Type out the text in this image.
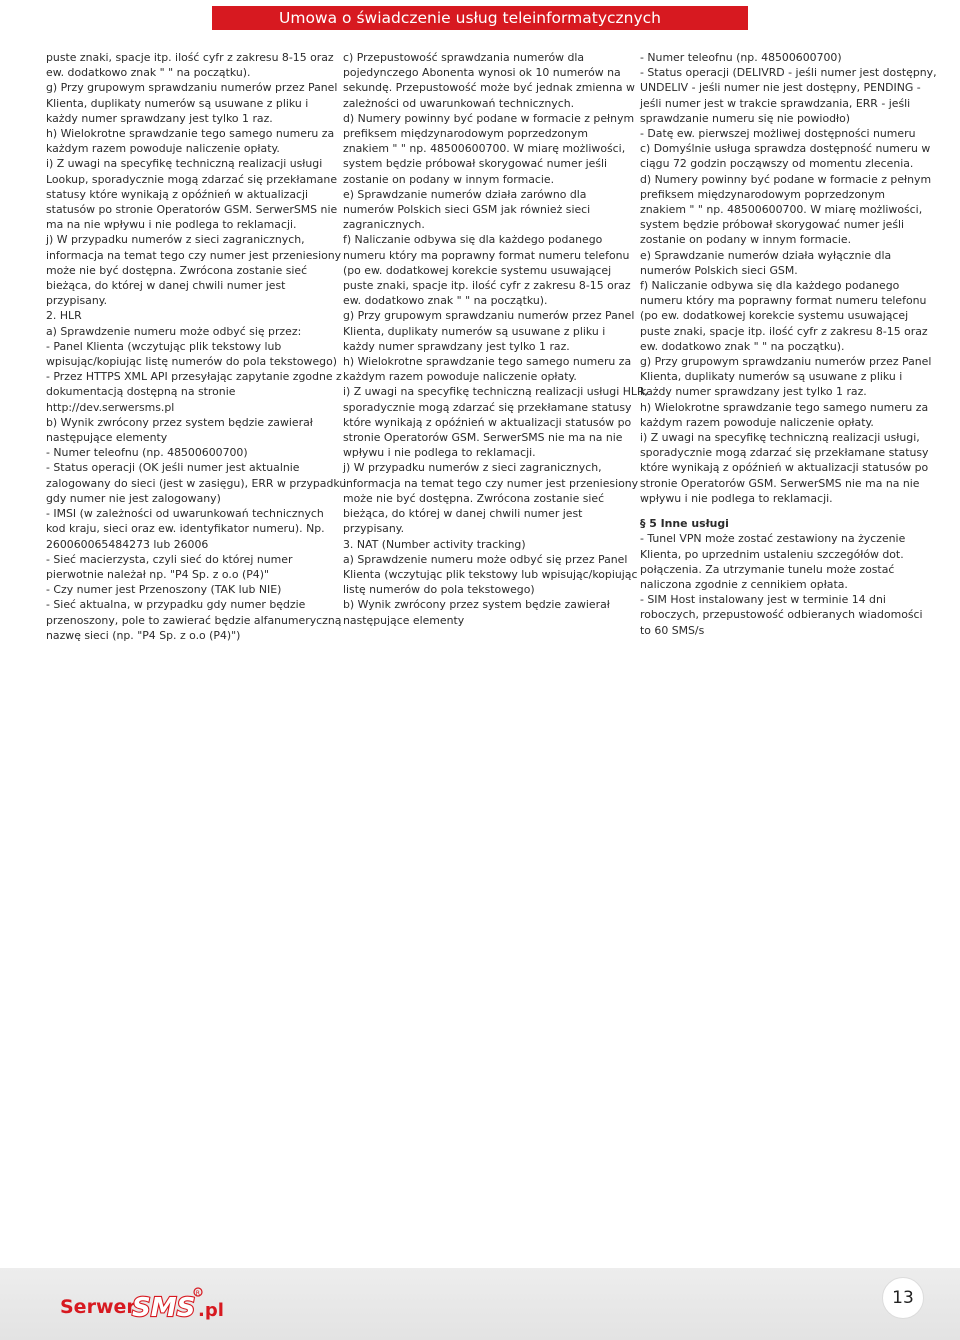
Umowa o świadczenie usług teleinformatycznych

puste znaki, spacje itp. ilość cyfr z zakresu 8-15 oraz

ew. dodatkowo znak " " na początku).

g) Przy grupowym sprawdzaniu numerów przez Panel

Klienta, duplikaty numerów są usuwane z pliku i

każdy numer sprawdzany jest tylko 1 raz.

h) Wielokrotne sprawdzanie tego samego numeru za

każdym razem powoduje naliczenie opłaty.

i) Z uwagi na specyfikę techniczną realizacji usługi

Lookup, sporadycznie mogą zdarzać się przekłamane

statusy które wynikają z opóźnień w aktualizacji

statusów po stronie Operatorów GSM. SerwerSMS nie

ma na nie wpływu i nie podlega to reklamacji.

j) W przypadku numerów z sieci zagranicznych,

informacja na temat tego czy numer jest przeniesiony

może nie być dostępna. Zwrócona zostanie sieć

bieżąca, do której w danej chwili numer jest

przypisany.

2. HLR

a) Sprawdzenie numeru może odbyć się przez:

- Panel Klienta (wczytując plik tekstowy lub

wpisując/kopiując listę numerów do pola tekstowego)

- Przez HTTPS XML API przesyłając zapytanie zgodne z

dokumentacją dostępną na stronie

http://dev.serwersms.pl

b) Wynik zwrócony przez system będzie zawierał

następujące elementy

- Numer teleofnu (np. 48500600700)

- Status operacji (OK jeśli numer jest aktualnie

zalogowany do sieci (jest w zasięgu), ERR w przypadku

gdy numer nie jest zalogowany)

- IMSI (w zależności od uwarunkowań technicznych

kod kraju, sieci oraz ew. identyfikator numeru). Np.

260060065484273 lub 26006

- Sieć macierzysta, czyli sieć do której numer

pierwotnie należał np. "P4 Sp. z o.o (P4)"

- Czy numer jest Przenoszony (TAK lub NIE)

- Sieć aktualna, w przypadku gdy numer będzie

przenoszony, pole to zawierać będzie alfanumeryczną

nazwę sieci (np. "P4 Sp. z o.o (P4)")

c) Przepustowość sprawdzania numerów dla

pojedynczego Abonenta wynosi ok 10 numerów na

sekundę. Przepustowość może być jednak zmienna w

zależności od uwarunkowań technicznych.

d) Numery powinny być podane w formacie z pełnym

prefiksem międzynarodowym poprzedzonym

znakiem " " np. 48500600700. W miarę możliwości,

system będzie próbował skorygować numer jeśli

zostanie on podany w innym formacie.

e) Sprawdzanie numerów działa zarówno dla

numerów Polskich sieci GSM jak również sieci

zagranicznych.

f) Naliczanie odbywa się dla każdego podanego

numeru który ma poprawny format numeru telefonu

(po ew. dodatkowej korekcie systemu usuwającej

puste znaki, spacje itp. ilość cyfr z zakresu 8-15 oraz

ew. dodatkowo znak " " na początku).

g) Przy grupowym sprawdzaniu numerów przez Panel

Klienta, duplikaty numerów są usuwane z pliku i

każdy numer sprawdzany jest tylko 1 raz.

h) Wielokrotne sprawdzanie tego samego numeru za

każdym razem powoduje naliczenie opłaty.

i) Z uwagi na specyfikę techniczną realizacji usługi HLR,

sporadycznie mogą zdarzać się przekłamane statusy

które wynikają z opóźnień w aktualizacji statusów po

stronie Operatorów GSM. SerwerSMS nie ma na nie

wpływu i nie podlega to reklamacji.

j) W przypadku numerów z sieci zagranicznych,

informacja na temat tego czy numer jest przeniesiony

może nie być dostępna. Zwrócona zostanie sieć

bieżąca, do której w danej chwili numer jest

przypisany.

3. NAT (Number activity tracking)

a) Sprawdzenie numeru może odbyć się przez Panel

Klienta (wczytując plik tekstowy lub wpisując/kopiując

listę numerów do pola tekstowego)

b) Wynik zwrócony przez system będzie zawierał

następujące elementy

- Numer teleofnu (np. 48500600700)

- Status operacji (DELIVRD - jeśli numer jest dostępny,

UNDELIV - jeśli numer nie jest dostępny, PENDING -

jeśli numer jest w trakcie sprawdzania, ERR - jeśli

sprawdzanie numeru się nie powiodło)

- Datę ew. pierwszej możliwej dostępności numeru

c) Domyślnie usługa sprawdza dostępność numeru w

ciągu 72 godzin począwszy od momentu zlecenia.

d) Numery powinny być podane w formacie z pełnym

prefiksem międzynarodowym poprzedzonym

znakiem " " np. 48500600700. W miarę możliwości,

system będzie próbował skorygować numer jeśli

zostanie on podany w innym formacie.

e) Sprawdzanie numerów działa wyłącznie dla

numerów Polskich sieci GSM.

f) Naliczanie odbywa się dla każdego podanego

numeru który ma poprawny format numeru telefonu

(po ew. dodatkowej korekcie systemu usuwającej

puste znaki, spacje itp. ilość cyfr z zakresu 8-15 oraz

ew. dodatkowo znak " " na początku).

g) Przy grupowym sprawdzaniu numerów przez Panel

Klienta, duplikaty numerów są usuwane z pliku i

każdy numer sprawdzany jest tylko 1 raz.

h) Wielokrotne sprawdzanie tego samego numeru za

każdym razem powoduje naliczenie opłaty.

i) Z uwagi na specyfikę techniczną realizacji usługi,

sporadycznie mogą zdarzać się przekłamane statusy

które wynikają z opóźnień w aktualizacji statusów po

stronie Operatorów GSM. SerwerSMS nie ma na nie

wpływu i nie podlega to reklamacji.

§ 5 Inne usługi

- Tunel VPN może zostać zestawiony na życzenie

Klienta, po uprzednim ustaleniu szczegółów dot.

połączenia. Za utrzymanie tunelu może zostać

naliczona zgodnie z cennikiem opłata.

- SIM Host instalowany jest w terminie 14 dni

roboczych, przepustowość odbieranych wiadomości

to 60 SMS/s

Serwer
SMS R
.pl
13
